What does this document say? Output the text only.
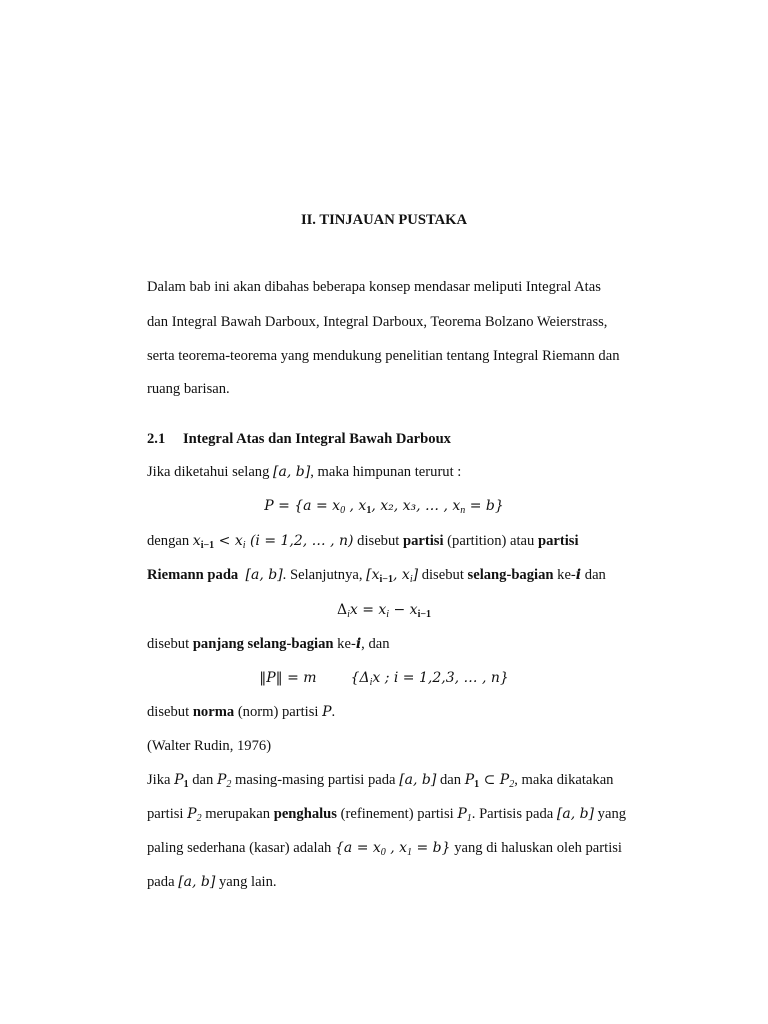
II. TINJAUAN PUSTAKA
Dalam bab ini akan dibahas beberapa konsep mendasar meliputi Integral Atas
dan Integral Bawah Darboux, Integral Darboux, Teorema Bolzano Weierstrass,
serta teorema-teorema yang mendukung penelitian tentang Integral Riemann dan
ruang barisan.
2.1 Integral Atas dan Integral Bawah Darboux
Jika diketahui selang [a, b], maka himpunan terurut :
$P = \{a = x_0$ , $x_1$, x₂, x₃, … , $x_n = b$}
dengan $x_{i-1} < x_i$ (i = 1,2, … , n) disebut partisi (partition) atau partisi
Riemann pada [a, b]. Selanjutnya, [$x_{i-1}$, $x_i$] disebut selang-bagian ke-i dan
$\Delta_ix = x_i - x_{i-1}$
disebut panjang selang-bagian ke-i, dan
‖P‖ = m {$\Delta_ix$ ; i = 1,2,3, … , n}
disebut norma (norm) partisi P.
(Walter Rudin, 1976)
Jika $P_1$ dan $P_2$ masing-masing partisi pada [a, b] dan $P_1$ ⊂ $P_2$, maka dikatakan
partisi $P_2$ merupakan penghalus (refinement) partisi $P_1$. Partisis pada [a, b] yang
paling sederhana (kasar) adalah {$a = x_0$ , $x_1 = b$} yang di haluskan oleh partisi
pada [a, b] yang lain.
